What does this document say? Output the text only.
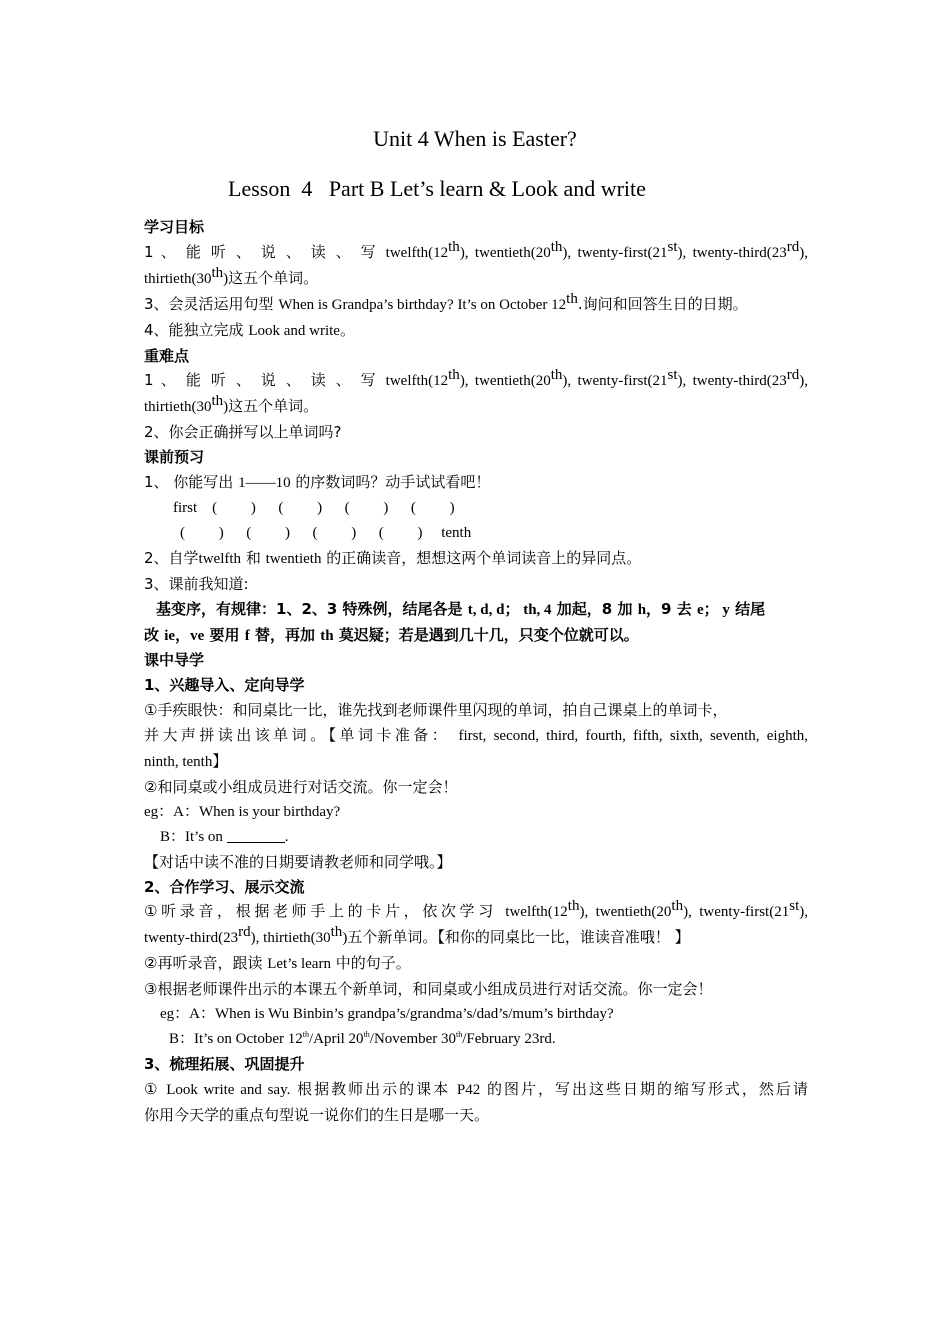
Unit 4 When is Easter?
Lesson  4   Part B Let’s learn & Look and write

学习目标

1 、 能 听 、 说 、 读 、 写 twelfth(12th), twentieth(20th), twenty-first(21st), twenty-third(23rd),

thirtieth(30th)这五个单词。

3、会灵活运用句型 When is Grandpa’s birthday? It’s on October 12th.询问和回答生日的日期。

4、能独立完成 Look and write。

重难点

1 、 能 听 、 说 、 读 、 写 twelfth(12th), twentieth(20th), twenty-first(21st), twenty-third(23rd),

thirtieth(30th)这五个单词。

2、你会正确拼写以上单词吗?

课前预习

1、 你能写出 1——10 的序数词吗？动手试试看吧！

first    (         )      (         )      (         )      (         )

(         )      (         )      (         )      (         )     tenth

2、自学twelfth 和 twentieth 的正确读音，想想这两个单词读音上的异同点。

3、课前我知道:

基变序，有规律：1、2、3 特殊例，结尾各是 t, d, d； th, 4 加起，8 加 h，9 去 e； y 结尾

改 ie，ve 要用 f 替，再加 th 莫迟疑；若是遇到几十几，只变个位就可以。

课中导学

1、兴趣导入、定向导学

①手疾眼快：和同桌比一比，谁先找到老师课件里闪现的单词，拍自己课桌上的单词卡，

并大声拼读出该单词。【单词卡准备： first, second, third, fourth, fifth, sixth, seventh, eighth,

ninth, tenth】

②和同桌或小组成员进行对话交流。你一定会！

eg：A：When is your birthday?

B：It’s on	.

【对话中读不准的日期要请教老师和同学哦。】

2、合作学习、展示交流

①听录音，根据老师手上的卡片，依次学习 twelfth(12th), twentieth(20th), twenty-first(21st),

twenty-third(23rd), thirtieth(30th)五个新单词。【和你的同桌比一比，谁读音准哦！ 】

②再听录音，跟读 Let’s learn 中的句子。

③根据老师课件出示的本课五个新单词，和同桌或小组成员进行对话交流。你一定会！

eg：A：When is Wu Binbin’s grandpa’s/grandma’s/dad’s/mum’s birthday?

B：It’s on October 12th/April 20th/November 30th/February 23rd.

3、梳理拓展、巩固提升

① Look write and say. 根据教师出示的课本 P42 的图片，写出这些日期的缩写形式，然后请

你用今天学的重点句型说一说你们的生日是哪一天。
